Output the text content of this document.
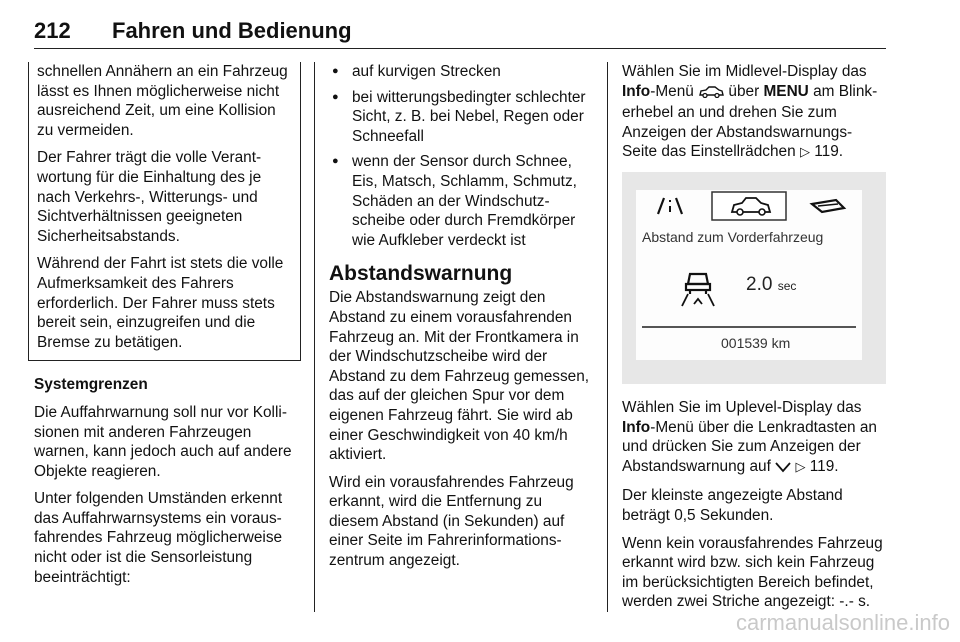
212 Fahren und Bedienung

schnellen Annähern an ein Fahrzeug lässt es Ihnen möglicherweise nicht ausreichend Zeit, um eine Kollision zu vermeiden.

Der Fahrer trägt die volle Verantwortung für die Einhaltung des je nach Verkehrs-, Witterungs- und Sichtverhältnissen geeigneten Sicherheitsabstands.

Während der Fahrt ist stets die volle Aufmerksamkeit des Fahrers erforderlich. Der Fahrer muss stets bereit sein, einzugreifen und die Bremse zu betätigen.

Systemgrenzen

Die Auffahrwarnung soll nur vor Kollisionen mit anderen Fahrzeugen warnen, kann jedoch auch auf andere Objekte reagieren.

Unter folgenden Umständen erkennt das Auffahrwarnsystems ein vorausfahrendes Fahrzeug möglicherweise nicht oder ist die Sensorleistung beeinträchtigt:

● auf kurvigen Strecken
● bei witterungsbedingter schlechter Sicht, z. B. bei Nebel, Regen oder Schneefall
● wenn der Sensor durch Schnee, Eis, Matsch, Schlamm, Schmutz, Schäden an der Windschutzscheibe oder durch Fremdkörper wie Aufkleber verdeckt ist
Abstandswarnung

Die Abstandswarnung zeigt den Abstand zu einem vorausfahrenden Fahrzeug an. Mit der Frontkamera in der Windschutzscheibe wird der Abstand zu dem Fahrzeug gemessen, das auf der gleichen Spur vor dem eigenen Fahrzeug fährt. Sie wird ab einer Geschwindigkeit von 40 km/h aktiviert.

Wird ein vorausfahrendes Fahrzeug erkannt, wird die Entfernung zu diesem Abstand (in Sekunden) auf einer Seite im Fahrerinformationszentrum angezeigt.

Wählen Sie im Midlevel-Display das Info-Menü  über MENU am Blinkerhebel an und drehen Sie zum Anzeigen der Abstandswarnungs-Seite das Einstellrädchen ▷ 119.

Abstand zum Vorderfahrzeug
2.0 sec
001539 km

Wählen Sie im Uplevel-Display das Info-Menü über die Lenkradtasten an und drücken Sie zum Anzeigen der Abstandswarnung auf  ▷ 119.

Der kleinste angezeigte Abstand beträgt 0,5 Sekunden.

Wenn kein vorausfahrendes Fahrzeug erkannt wird bzw. sich kein Fahrzeug im berücksichtigten Bereich befindet, werden zwei Striche angezeigt: -.- s.

carmanualsonline.info
